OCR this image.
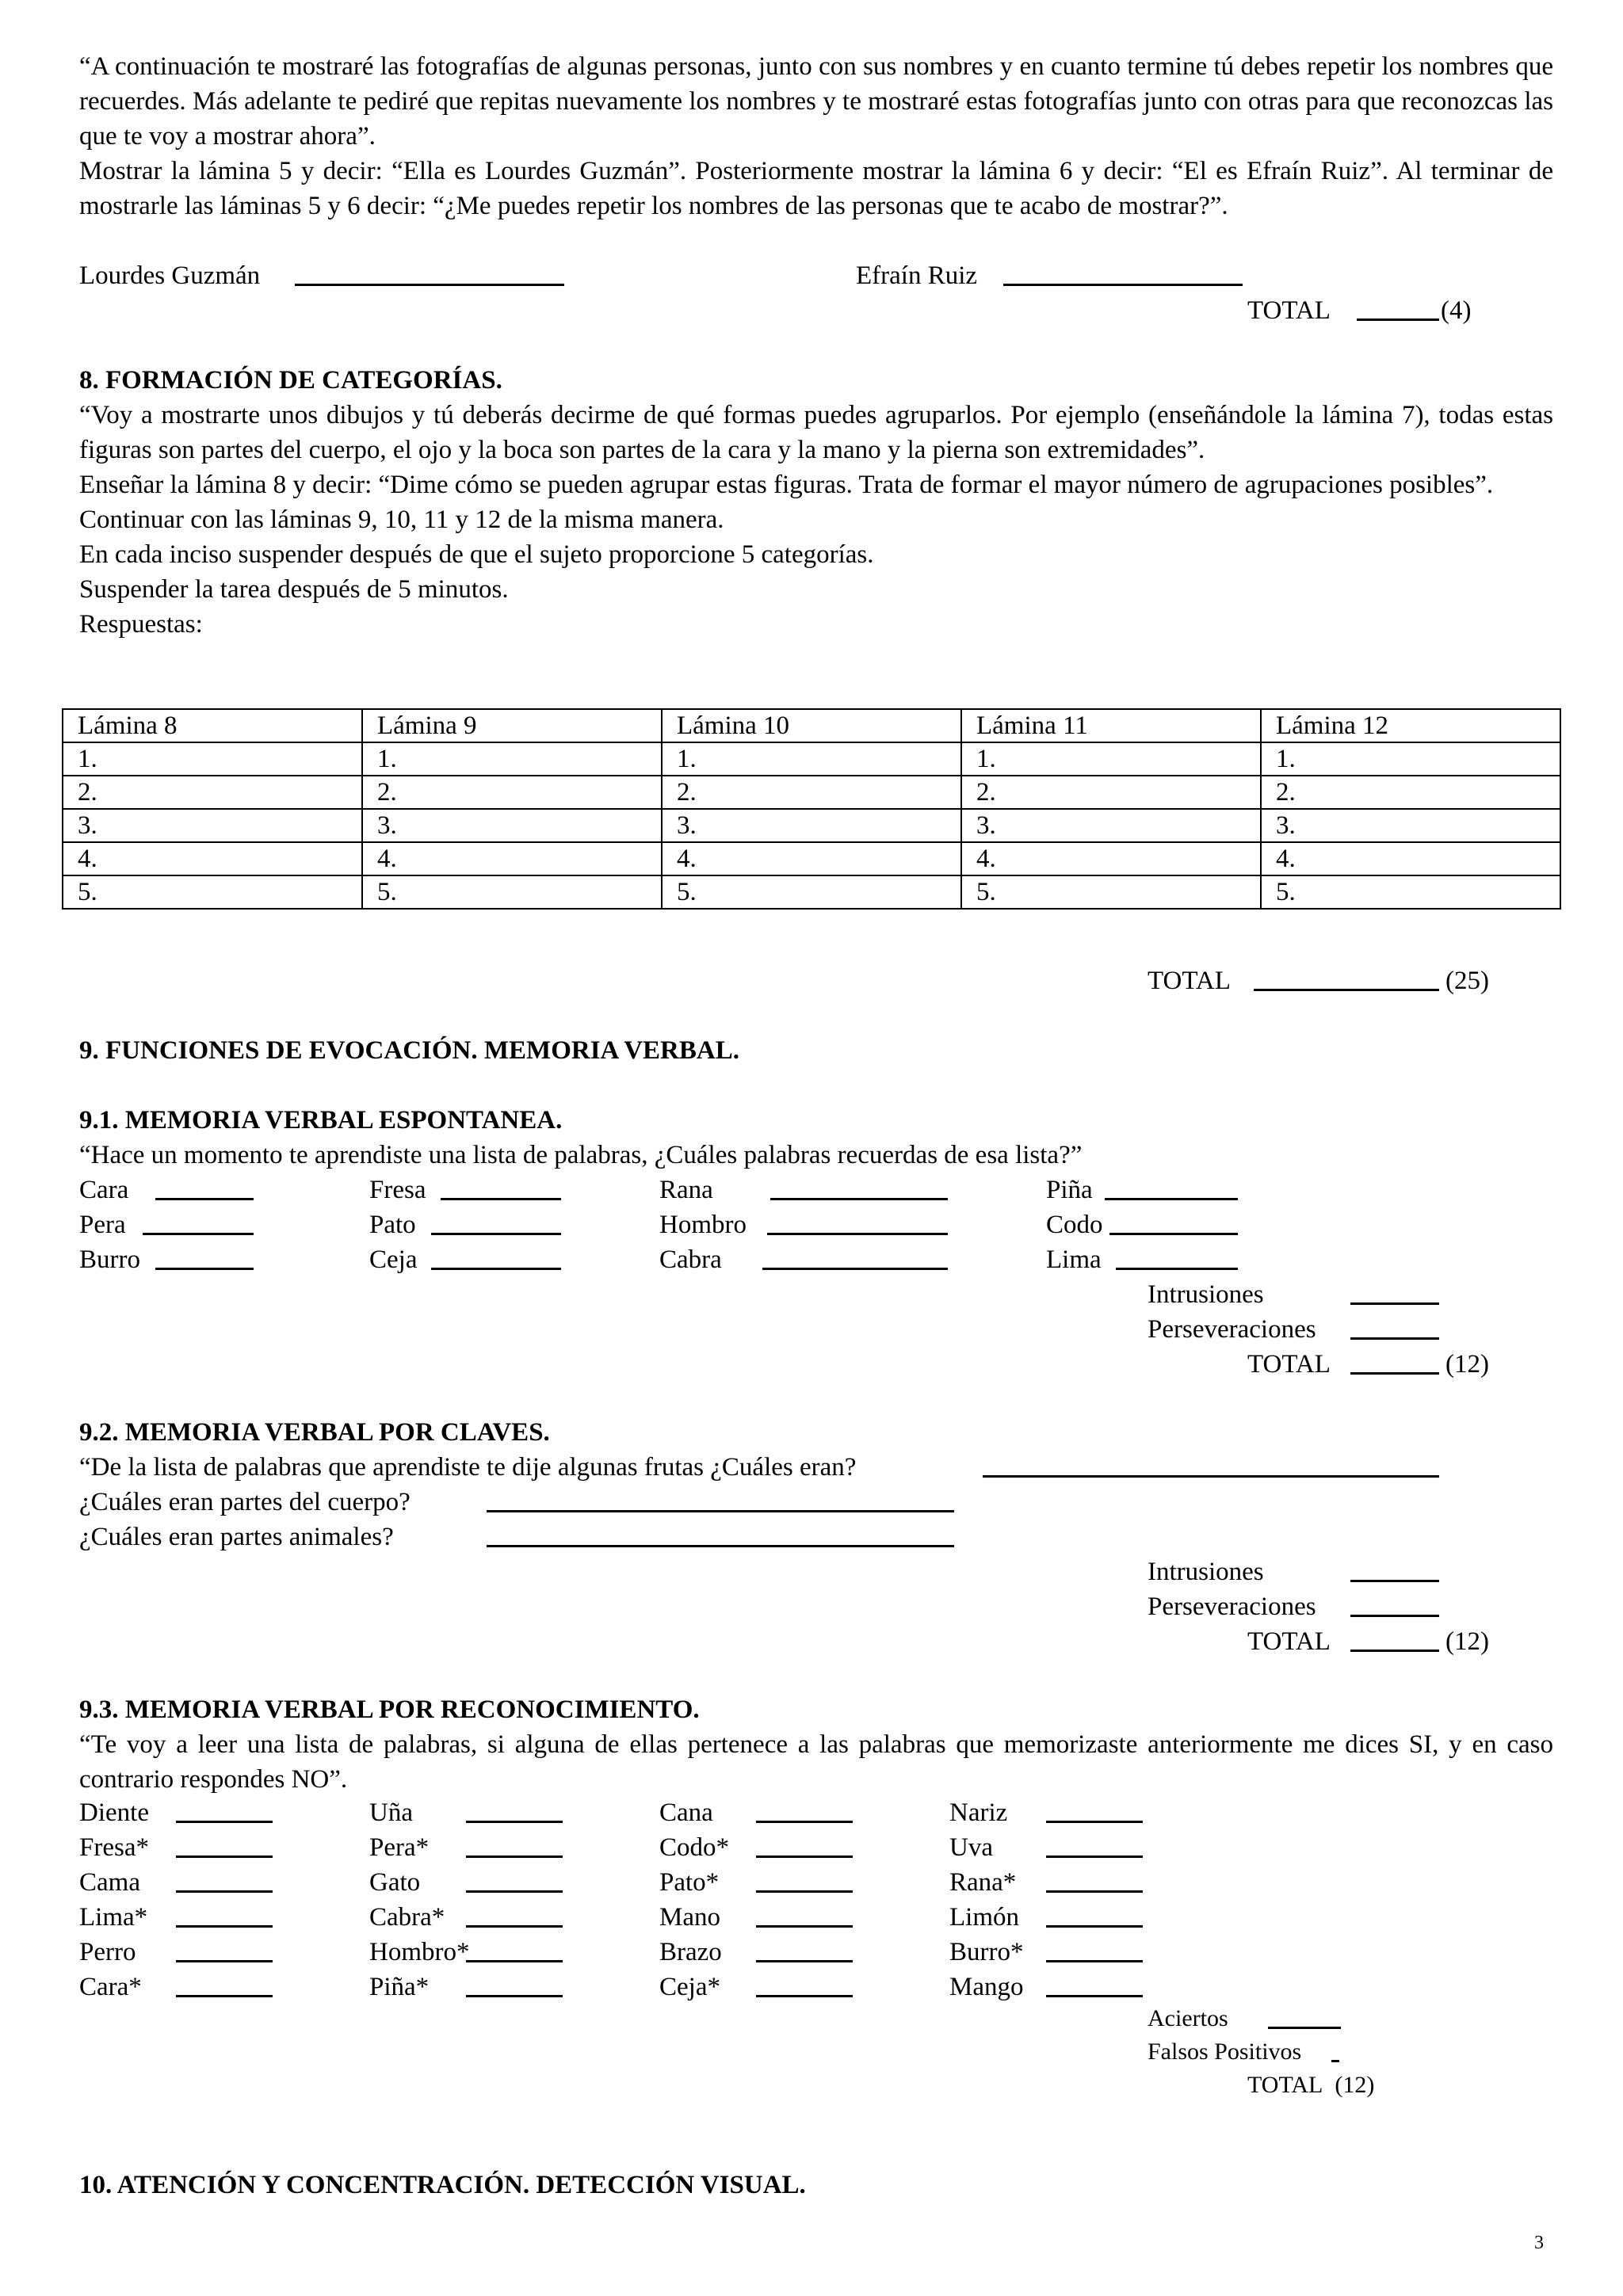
“A continuación te mostraré las fotografías de algunas personas, junto con sus nombres y en cuanto termine tú debes repetir los nombres que recuerdes. Más adelante te pediré que repitas nuevamente los nombres y te mostraré estas fotografías junto con otras para que reconozcas las que te voy a mostrar ahora”.

Mostrar la lámina 5 y decir: “Ella es Lourdes Guzmán”. Posteriormente mostrar la lámina 6 y decir: “El es Efraín Ruiz”. Al terminar de mostrarle las láminas 5 y 6 decir: “¿Me puedes repetir los nombres de las personas que te acabo de mostrar?”.

Lourdes Guzmán	Efraín Ruiz
TOTAL	(4)
8. FORMACIÓN DE CATEGORÍAS.

“Voy a mostrarte unos dibujos y tú deberás decirme de qué formas puedes agruparlos. Por ejemplo (enseñándole la lámina 7), todas estas figuras son partes del cuerpo, el ojo y la boca son partes de la cara y la mano y la pierna son extremidades”.

Enseñar la lámina 8 y decir: “Dime cómo se pueden agrupar estas figuras. Trata de formar el mayor número de agrupaciones posibles”.

Continuar con las láminas 9, 10, 11 y 12 de la misma manera.

En cada inciso suspender después de que el sujeto proporcione 5 categorías.

Suspender la tarea después de 5 minutos.

Respuestas:

Lámina 8	Lámina 9	Lámina 10	Lámina 11	Lámina 12
1.	1.	1.	1.	1.
2.	2.	2.	2.	2.
3.	3.	3.	3.	3.
4.	4.	4.	4.	4.
5.	5.	5.	5.	5.
TOTAL	(25)
9. FUNCIONES DE EVOCACIÓN. MEMORIA VERBAL.
9.1. MEMORIA VERBAL ESPONTANEA.
“Hace un momento te aprendiste una lista de palabras, ¿Cuáles palabras recuerdas de esa lista?”
Cara	Fresa	Rana	Piña
Pera	Pato	Hombro	Codo
Burro	Ceja	Cabra	Lima
Intrusiones
Perseveraciones
TOTAL	(12)
9.2. MEMORIA VERBAL POR CLAVES.
“De la lista de palabras que aprendiste te dije algunas frutas ¿Cuáles eran?
¿Cuáles eran partes del cuerpo?
¿Cuáles eran partes animales?
Intrusiones
Perseveraciones
TOTAL	(12)
9.3. MEMORIA VERBAL POR RECONOCIMIENTO.
“Te voy a leer una lista de palabras, si alguna de ellas pertenece a las palabras que memorizaste anteriormente me dices SI, y en caso contrario respondes NO”.
Diente	Uña	Cana	Nariz
Fresa*	Pera*	Codo*	Uva
Cama	Gato	Pato*	Rana*
Lima*	Cabra*	Mano	Limón
Perro	Hombro*	Brazo	Burro*
Cara*	Piña*	Ceja*	Mango
Aciertos
Falsos Positivos
TOTAL (12)
10. ATENCIÓN Y CONCENTRACIÓN. DETECCIÓN VISUAL.
3
